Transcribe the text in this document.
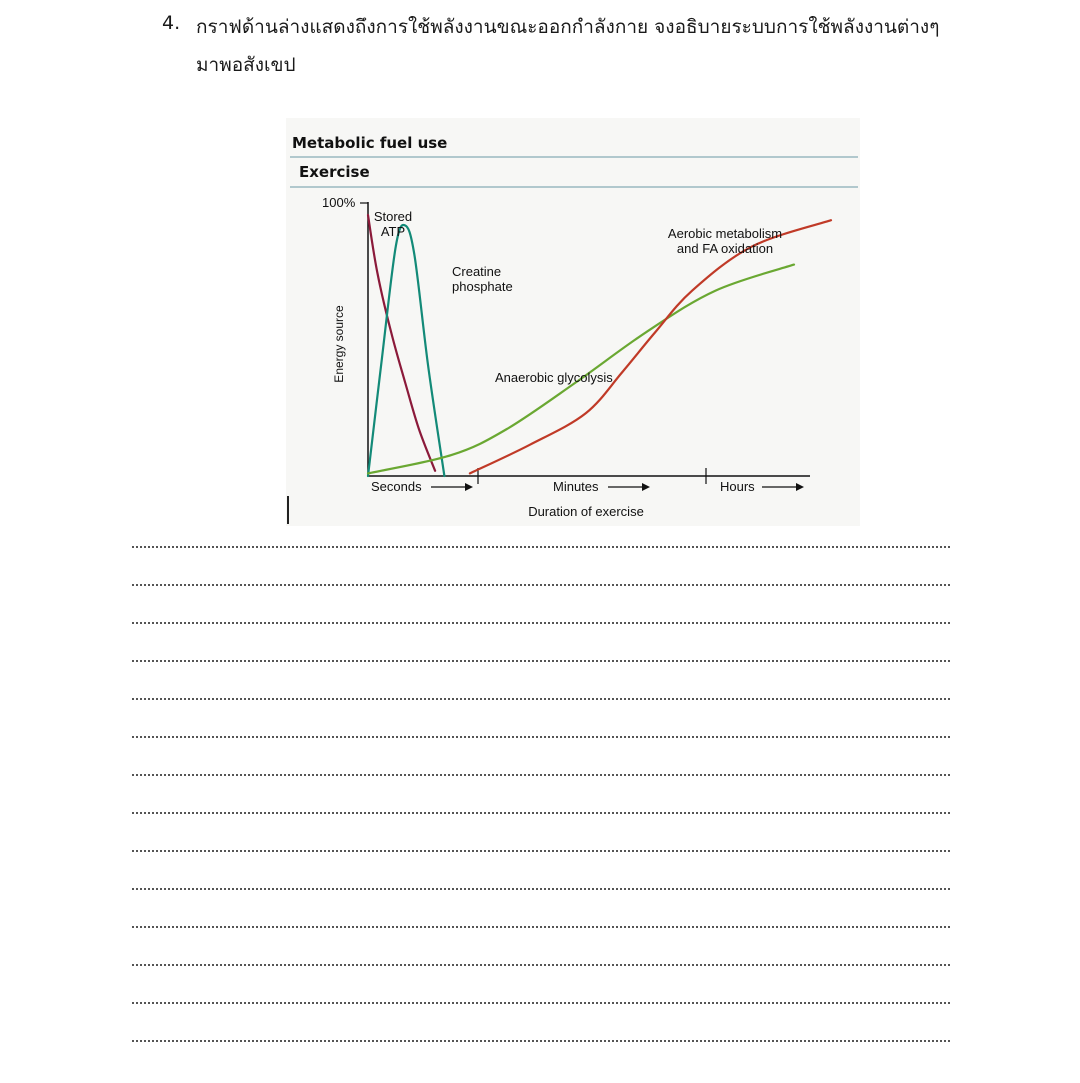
4. กราฟด้านล่างแสดงถึงการใช้พลังงานขณะออกกำลังกาย จงอธิบายระบบการใช้พลังงานต่างๆ
มาพอสังเขป
Metabolic fuel use
Exercise
100%
Energy source
Stored
ATP
Creatine
phosphate
Anaerobic glycolysis
Aerobic metabolism
and FA oxidation
Seconds	Minutes	Hours
Duration of exercise
